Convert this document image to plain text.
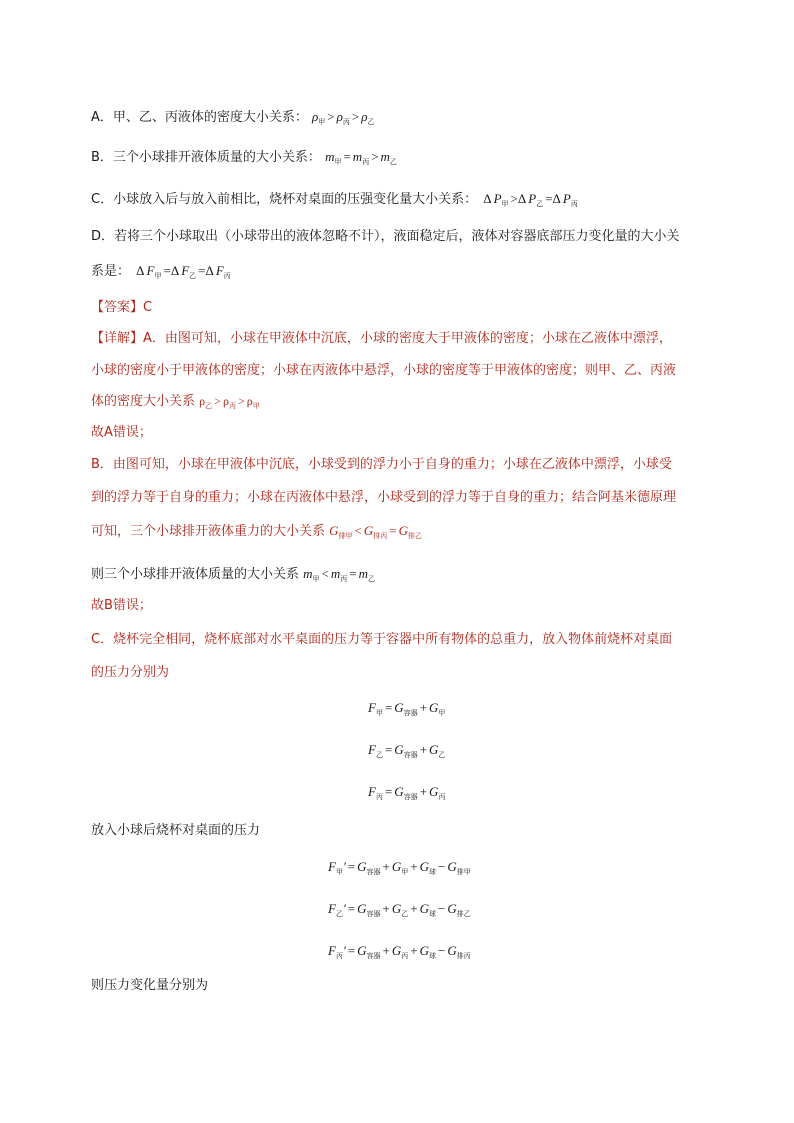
A．甲、乙、丙液体的密度大小关系： $\rho_甲 > \rho_丙 > \rho_乙$
B．三个小球排开液体质量的大小关系： $m_甲 = m_丙 > m_乙$
C．小球放入后与放入前相比，烧杯对桌面的压强变化量大小关系： Δ $P_甲 >\Delta$ $P_乙 =\Delta$ $P_丙$
D．若将三个小球取出（小球带出的液体忽略不计），液面稳定后，液体对容器底部压力变化量的大小关
系是： Δ $F_甲 =\Delta$ $F_乙 =\Delta$ $F_丙$
【答案】C
【详解】A．由图可知，小球在甲液体中沉底，小球的密度大于甲液体的密度；小球在乙液体中漂浮，
小球的密度小于甲液体的密度；小球在丙液体中悬浮，小球的密度等于甲液体的密度；则甲、乙、丙液
体的密度大小关系 $\rho_乙 > \rho_丙 > \rho_甲$
故A错误；
B．由图可知，小球在甲液体中沉底，小球受到的浮力小于自身的重力；小球在乙液体中漂浮，小球受
到的浮力等于自身的重力；小球在丙液体中悬浮，小球受到的浮力等于自身的重力；结合阿基米德原理
可知，三个小球排开液体重力的大小关系 $G_{排甲} < G_{排丙} = G_{排乙}$
则三个小球排开液体质量的大小关系 $m_甲 < m_丙 = m_乙$
故B错误；
C．烧杯完全相同，烧杯底部对水平桌面的压力等于容器中所有物体的总重力，放入物体前烧杯对桌面
的压力分别为
$F_甲 = G_{容器} + G_甲$
$F_乙 = G_{容器} + G_乙$
$F_丙 = G_{容器} + G_丙$
放入小球后烧杯对桌面的压力
$F_甲' = G_{容器} + G_甲 + G_球 - G_{排甲}$
$F_乙' = G_{容器} + G_乙 + G_球 - G_{排乙}$
$F_丙' = G_{容器} + G_丙 + G_球 - G_{排丙}$
则压力变化量分别为
